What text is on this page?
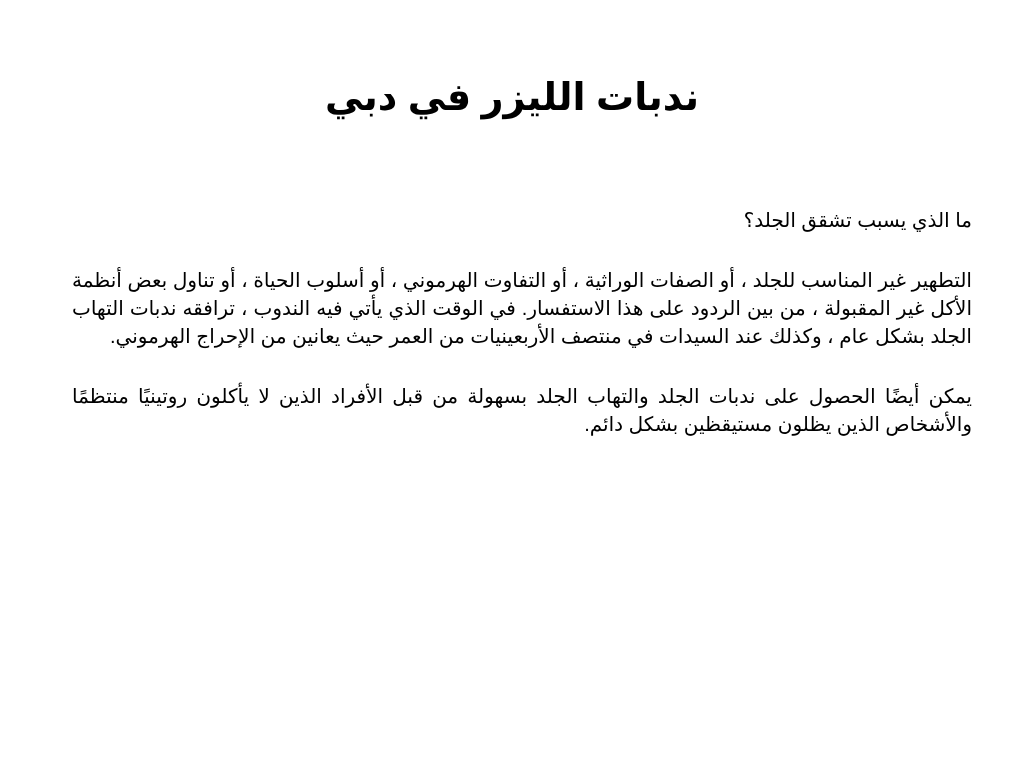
ندبات الليزر في دبي

ما الذي يسبب تشقق الجلد؟

التطهير غير المناسب للجلد ، أو الصفات الوراثية ، أو التفاوت الهرموني ، أو أسلوب الحياة ، أو تناول بعض أنظمة الأكل غير المقبولة ، من بين الردود على هذا الاستفسار. في الوقت الذي يأتي فيه الندوب ، ترافقه ندبات التهاب الجلد بشكل عام ، وكذلك عند السيدات في منتصف الأربعينيات من العمر حيث يعانين من الإحراج الهرموني.

يمكن أيضًا الحصول على ندبات الجلد والتهاب الجلد بسهولة من قبل الأفراد الذين لا يأكلون روتينيًا منتظمًا والأشخاص الذين يظلون مستيقظين بشكل دائم.
